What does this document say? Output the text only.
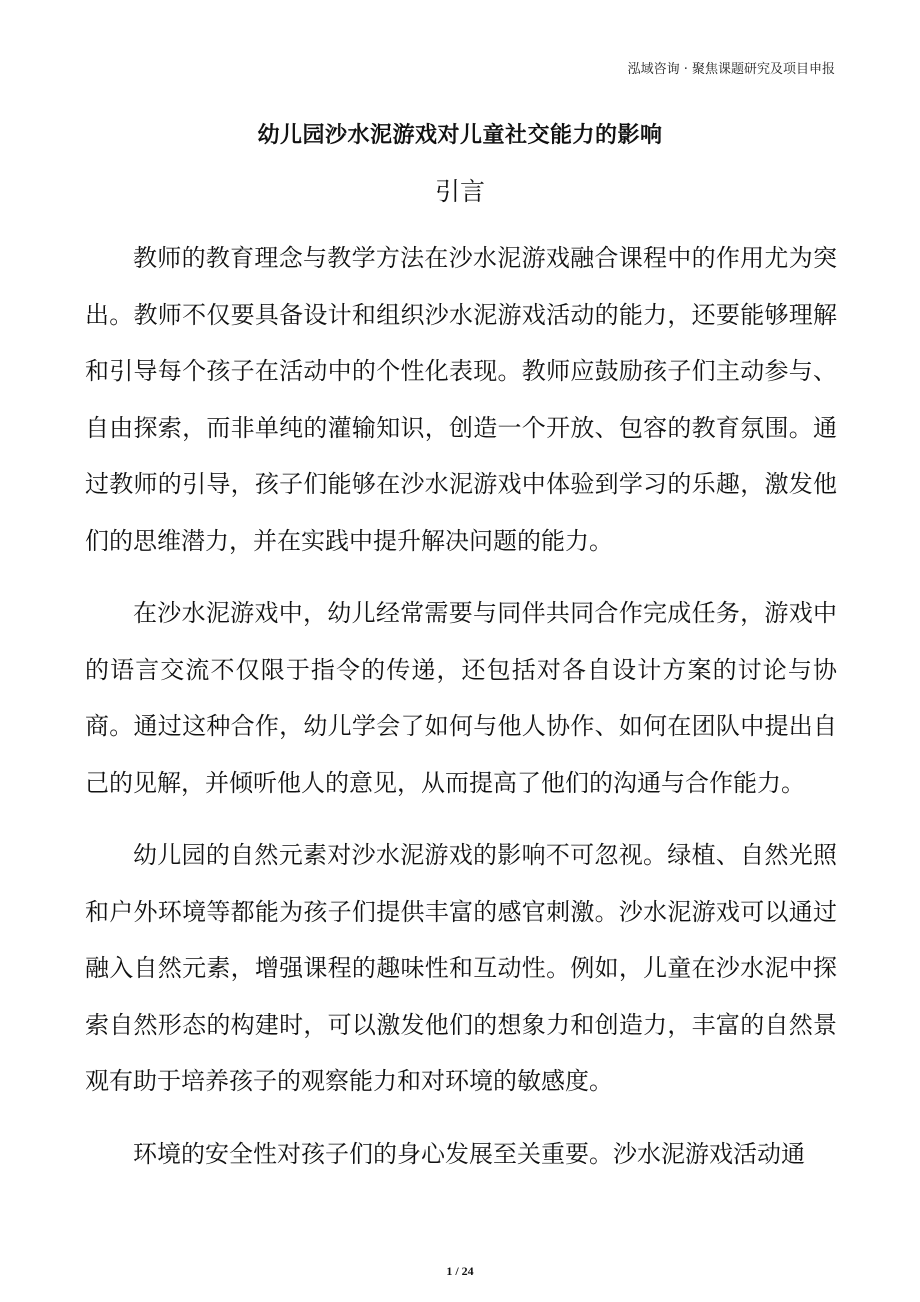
泓域咨询 · 聚焦课题研究及项目申报
幼儿园沙水泥游戏对儿童社交能力的影响
引言

教师的教育理念与教学方法在沙水泥游戏融合课程中的作用尤为突出。教师不仅要具备设计和组织沙水泥游戏活动的能力，还要能够理解和引导每个孩子在活动中的个性化表现。教师应鼓励孩子们主动参与、自由探索，而非单纯的灌输知识，创造一个开放、包容的教育氛围。通过教师的引导，孩子们能够在沙水泥游戏中体验到学习的乐趣，激发他们的思维潜力，并在实践中提升解决问题的能力。

在沙水泥游戏中，幼儿经常需要与同伴共同合作完成任务，游戏中的语言交流不仅限于指令的传递，还包括对各自设计方案的讨论与协商。通过这种合作，幼儿学会了如何与他人协作、如何在团队中提出自己的见解，并倾听他人的意见，从而提高了他们的沟通与合作能力。

幼儿园的自然元素对沙水泥游戏的影响不可忽视。绿植、自然光照和户外环境等都能为孩子们提供丰富的感官刺激。沙水泥游戏可以通过融入自然元素，增强课程的趣味性和互动性。例如，儿童在沙水泥中探索自然形态的构建时，可以激发他们的想象力和创造力，丰富的自然景观有助于培养孩子的观察能力和对环境的敏感度。

环境的安全性对孩子们的身心发展至关重要。沙水泥游戏活动通

1 / 24
